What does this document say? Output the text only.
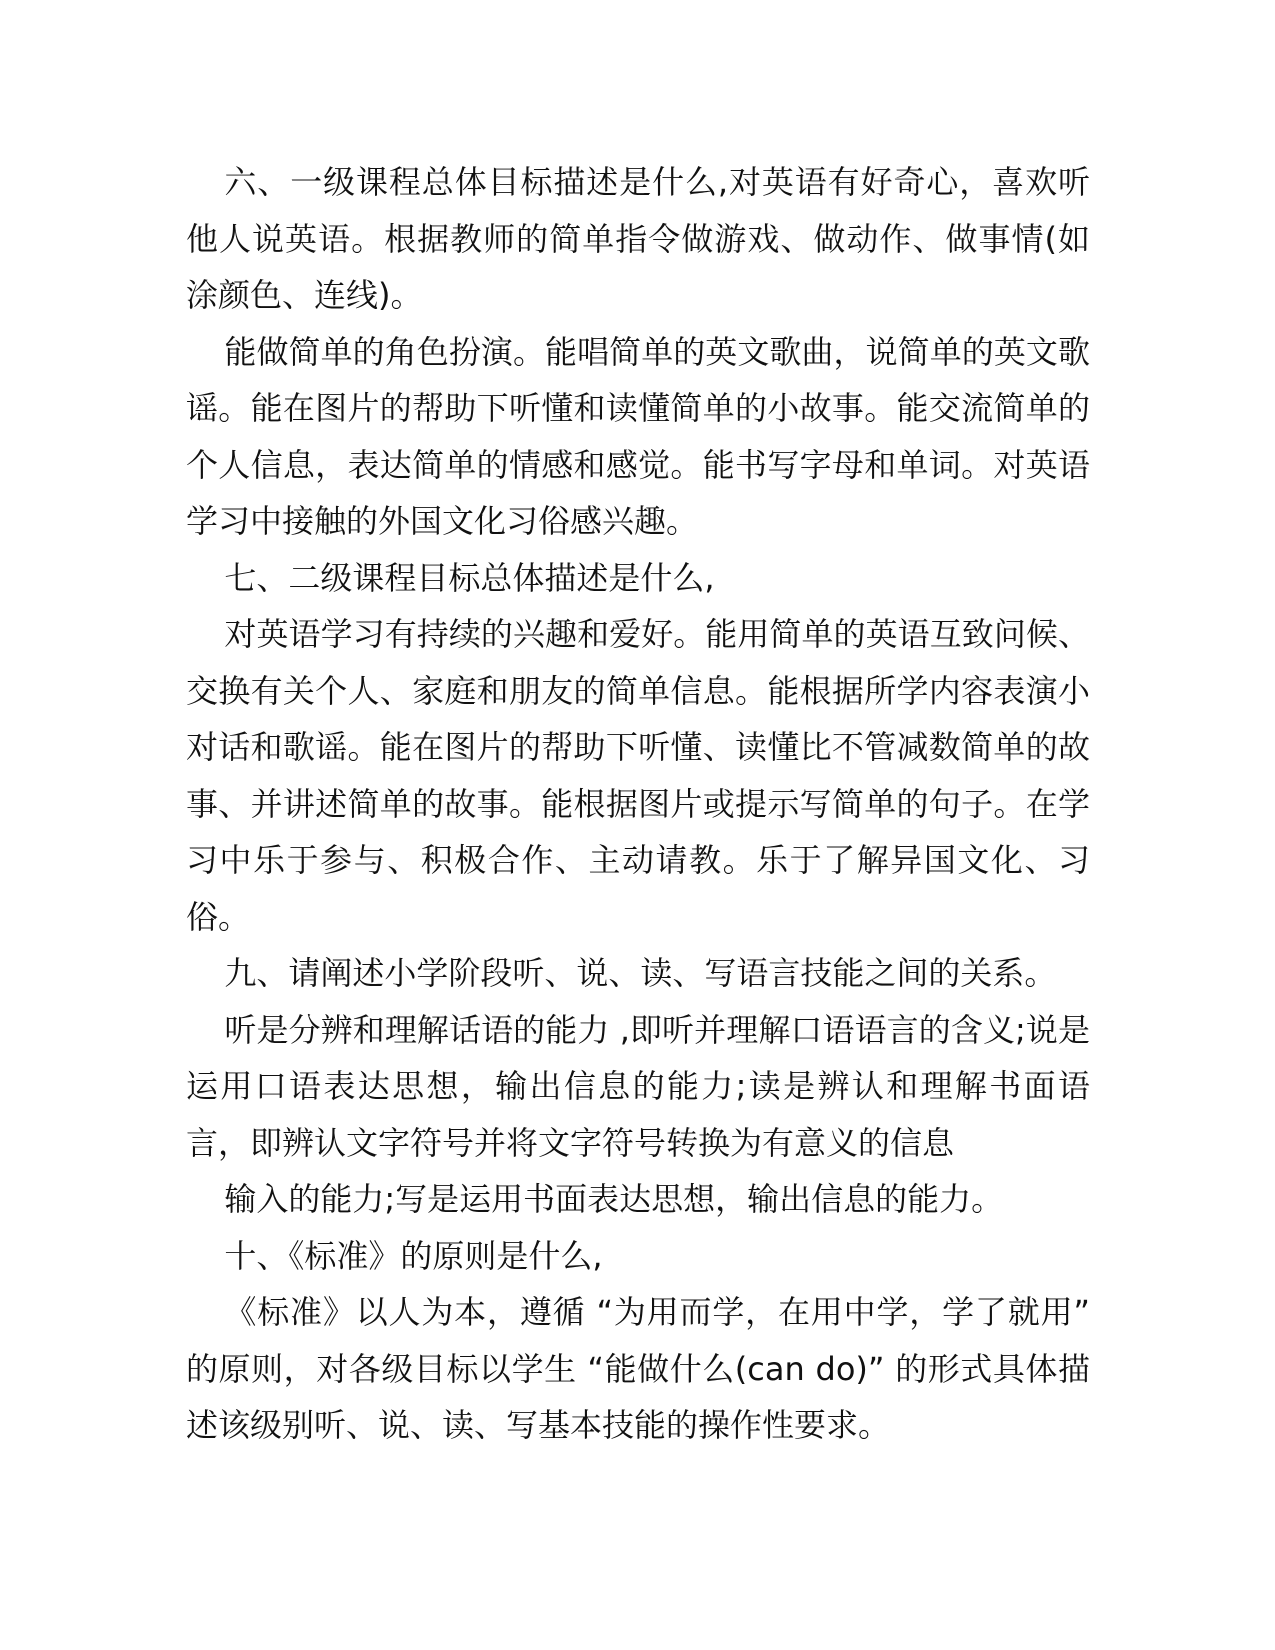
六、一级课程总体目标描述是什么,对英语有好奇心，喜欢听他人说英语。根据教师的简单指令做游戏、做动作、做事情(如涂颜色、连线)。

能做简单的角色扮演。能唱简单的英文歌曲，说简单的英文歌谣。能在图片的帮助下听懂和读懂简单的小故事。能交流简单的个人信息，表达简单的情感和感觉。能书写字母和单词。对英语学习中接触的外国文化习俗感兴趣。

七、二级课程目标总体描述是什么,

对英语学习有持续的兴趣和爱好。能用简单的英语互致问候、交换有关个人、家庭和朋友的简单信息。能根据所学内容表演小对话和歌谣。能在图片的帮助下听懂、读懂比不管减数简单的故事、并讲述简单的故事。能根据图片或提示写简单的句子。在学习中乐于参与、积极合作、主动请教。乐于了解异国文化、习俗。

九、请阐述小学阶段听、说、读、写语言技能之间的关系。

听是分辨和理解话语的能力 ,即听并理解口语语言的含义;说是运用口语表达思想，输出信息的能力;读是辨认和理解书面语言，即辨认文字符号并将文字符号转换为有意义的信息

输入的能力;写是运用书面表达思想，输出信息的能力。

十、《标准》的原则是什么,

《标准》以人为本，遵循 “为用而学，在用中学，学了就用” 的原则，对各级目标以学生 “能做什么(can do)” 的形式具体描述该级别听、说、读、写基本技能的操作性要求。
